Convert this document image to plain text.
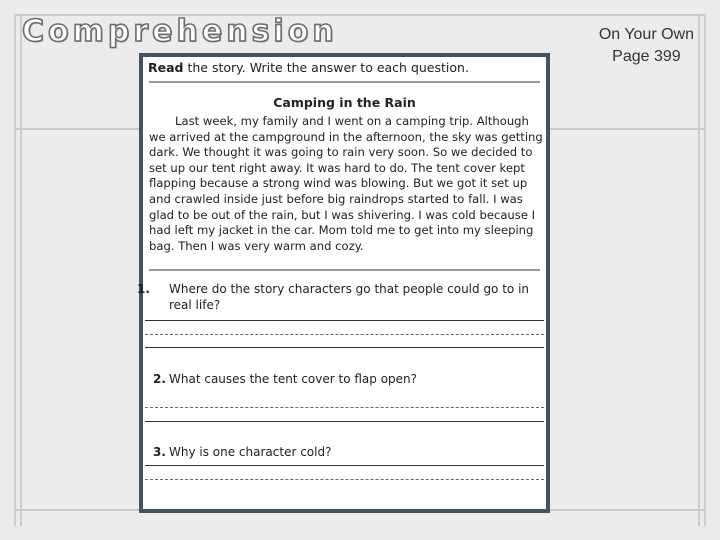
Comprehension	On Your Own
Page 399
Read the story. Write the answer to each question.
Camping in the Rain

Last week, my family and I went on a camping trip. Although we arrived at the campground in the afternoon, the sky was getting dark. We thought it was going to rain very soon. So we decided to set up our tent right away. It was hard to do. The tent cover kept flapping because a strong wind was blowing. But we got it set up and crawled inside just before big raindrops started to fall. I was glad to be out of the rain, but I was shivering. I was cold because I had left my jacket in the car. Mom told me to get into my sleeping bag. Then I was very warm and cozy.

1. Where do the story characters go that people could go to in real life?
2. What causes the tent cover to flap open?
3. Why is one character cold?
